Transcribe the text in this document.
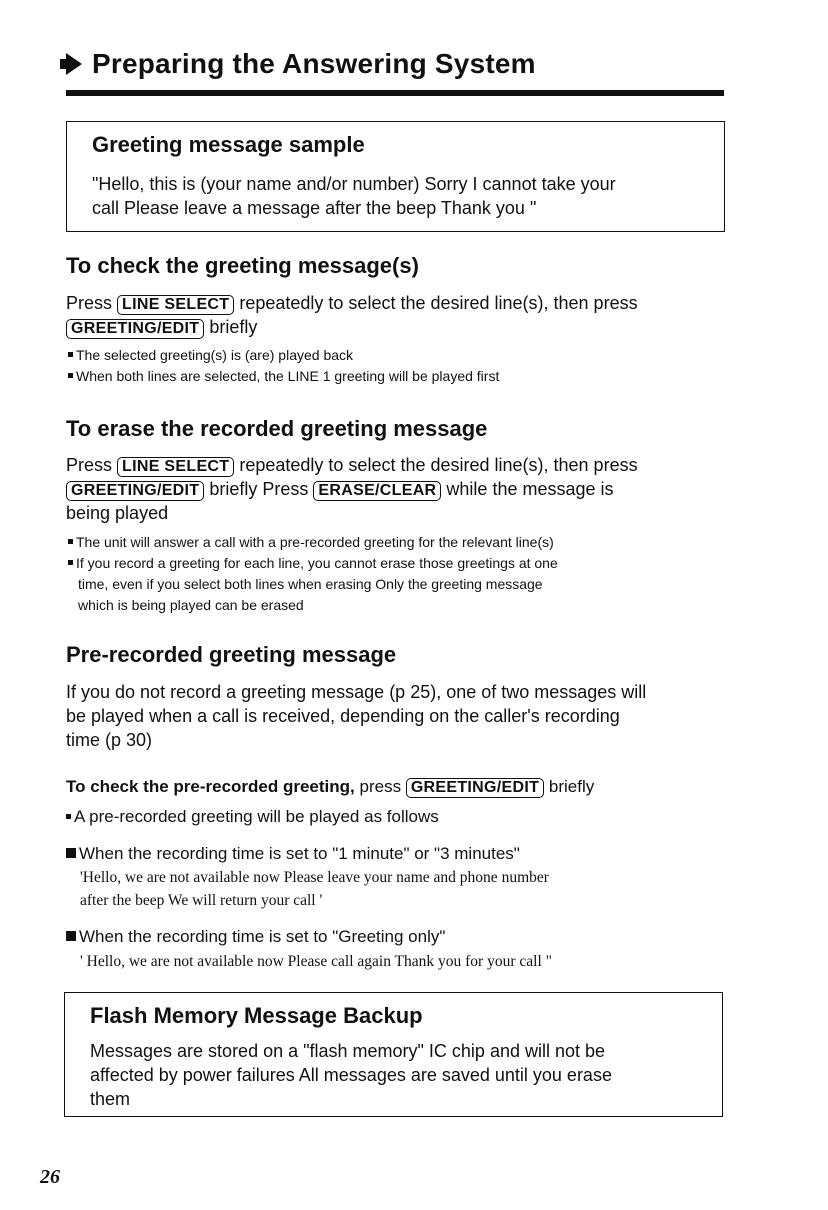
Preparing the Answering System
Greeting message sample
"Hello, this is (your name and/or number) Sorry I cannot take your
call Please leave a message after the beep Thank you "
To check the greeting message(s)
Press LINE SELECT repeatedly to select the desired line(s), then press
GREETING/EDIT briefly
The selected greeting(s) is (are) played back
When both lines are selected, the LINE 1 greeting will be played first
To erase the recorded greeting message
Press LINE SELECT repeatedly to select the desired line(s), then press
GREETING/EDIT briefly Press ERASE/CLEAR while the message is
being played
The unit will answer a call with a pre-recorded greeting for the relevant line(s)
If you record a greeting for each line, you cannot erase those greetings at one
time, even if you select both lines when erasing Only the greeting message
which is being played can be erased
Pre-recorded greeting message
If you do not record a greeting message (p 25), one of two messages will
be played when a call is received, depending on the caller's recording
time (p 30)
To check the pre-recorded greeting, press GREETING/EDIT briefly
A pre-recorded greeting will be played as follows
When the recording time is set to "1 minute" or "3 minutes"
'Hello, we are not available now Please leave your name and phone number
after the beep We will return your call '
When the recording time is set to "Greeting only"
' Hello, we are not available now Please call again Thank you for your call "
Flash Memory Message Backup
Messages are stored on a "flash memory" IC chip and will not be
affected by power failures All messages are saved until you erase
them
26
